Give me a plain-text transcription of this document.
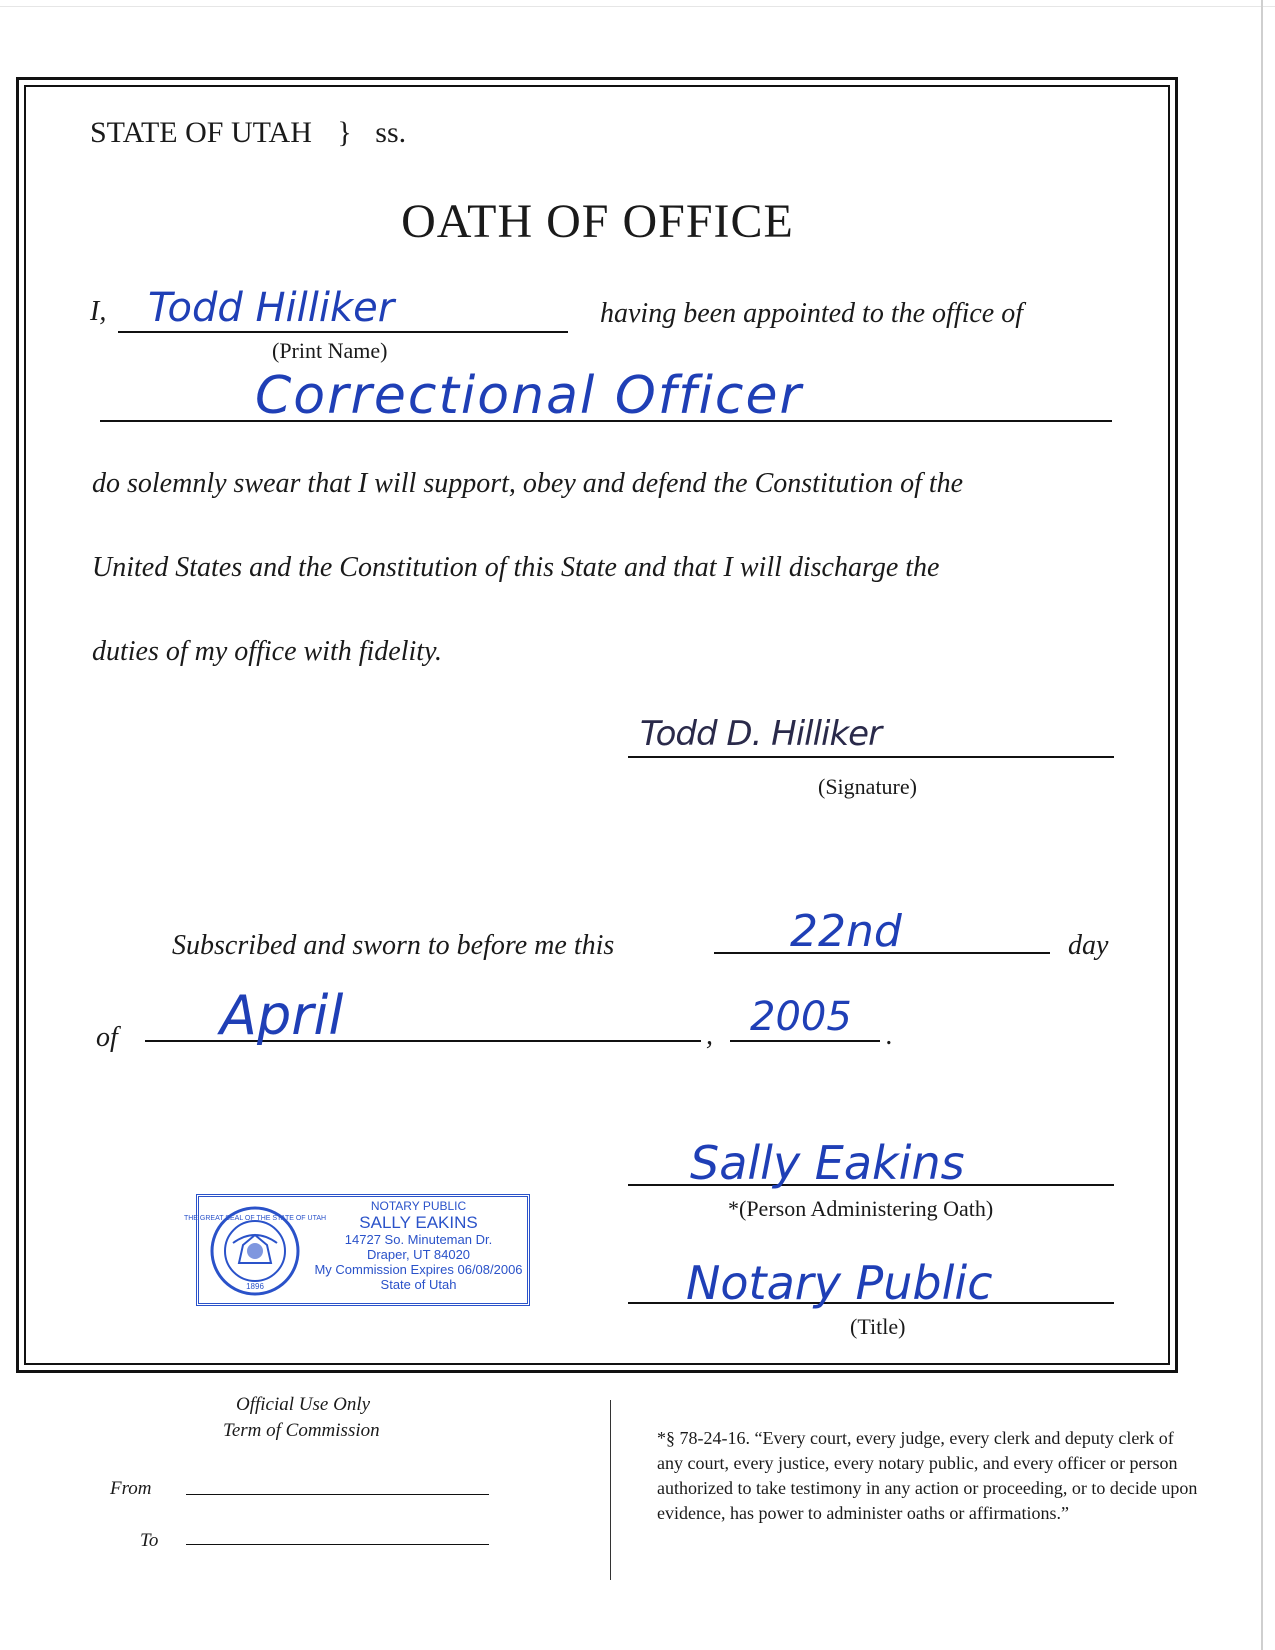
STATE OF UTAH } ss.
OATH OF OFFICE
I, Todd Hilliker
(Print Name)
having been appointed to the office of
Correctional Officer
do solemnly swear that I will support, obey and defend the Constitution of the
United States and the Constitution of this State and that I will discharge the
duties of my office with fidelity.
Todd D. Hilliker
(Signature)
Subscribed and sworn to before me this	22nd	day
of April	, 2005 .
Sally Eakins
*(Person Administering Oath)
Notary Public
(Title)
THE GREAT SEAL OF THE STATE OF UTAH
1896
NOTARY PUBLIC
SALLY EAKINS
14727 So. Minuteman Dr.
Draper, UT 84020
My Commission Expires 06/08/2006
State of Utah
Official Use Only
Term of Commission
From
To
*§ 78-24-16. “Every court, every judge, every clerk and deputy clerk of any court, every justice, every notary public, and every officer or person authorized to take testimony in any action or proceeding, or to decide upon evidence, has power to administer oaths or affirmations.”
